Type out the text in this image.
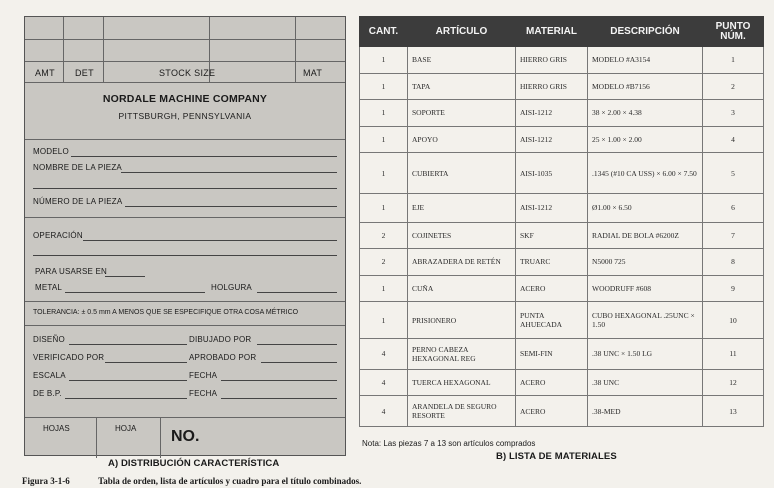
AMT DET	STOCK SIZE	MAT
NORDALE MACHINE COMPANY
PITTSBURGH, PENNSYLVANIA
MODELO
NOMBRE DE LA PIEZA
NÚMERO DE LA PIEZA
OPERACIÓN
PARA USARSE EN
METAL	HOLGURA
TOLERANCIA: ± 0.5 mm A MENOS QUE SE ESPECIFIQUE OTRA COSA MÉTRICO
DISEÑO	DIBUJADO POR
VERIFICADO POR	APROBADO POR
ESCALA	FECHA
DE B.P.	FECHA
HOJAS	HOJA NO.
A) DISTRIBUCIÓN CARACTERÍSTICA
CANT.	ARTÍCULO	MATERIAL	DESCRIPCIÓN	PUNTO NÚM.
1	BASE	HIERRO GRIS	MODELO #A3154	1
1	TAPA	HIERRO GRIS	MODELO #B7156	2
1	SOPORTE	AISI-1212	38 × 2.00 × 4.38	3
1	APOYO	AISI-1212	25 × 1.00 × 2.00	4
1	CUBIERTA	AISI-1035	.1345 (#10 CA USS) × 6.00 × 7.50	5
1	EJE	AISI-1212	Ø1.00 × 6.50	6
2	COJINETES	SKF	RADIAL DE BOLA #6200Z	7
2	ABRAZADERA DE RETÉN	TRUARC	N5000 725	8
1	CUÑA	ACERO	WOODRUFF #608	9
1	PRISIONERO	PUNTA AHUECADA	CUBO HEXAGONAL .25UNC × 1.50	10
4	PERNO CABEZA HEXAGONAL REG	SEMI-FIN	.38 UNC × 1.50 LG	11
4	TUERCA HEXAGONAL	ACERO	.38 UNC	12
4	ARANDELA DE SEGURO RESORTE	ACERO	.38-MED	13
Nota: Las piezas 7 a 13 son artículos comprados
B) LISTA DE MATERIALES
Figura 3-1-6	Tabla de orden, lista de artículos y cuadro para el título combinados.
